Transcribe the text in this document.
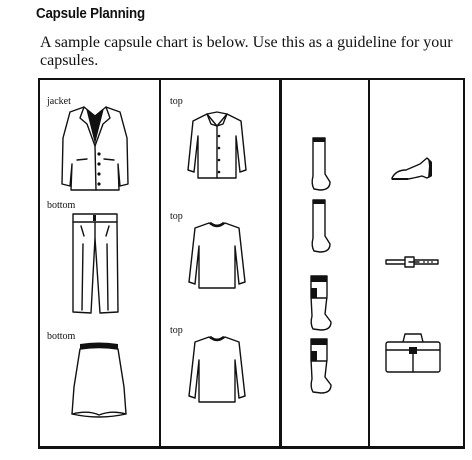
Capsule Planning
A sample capsule chart is below. Use this as a guideline for your capsules.
jacket
bottom
bottom
top
top
top
